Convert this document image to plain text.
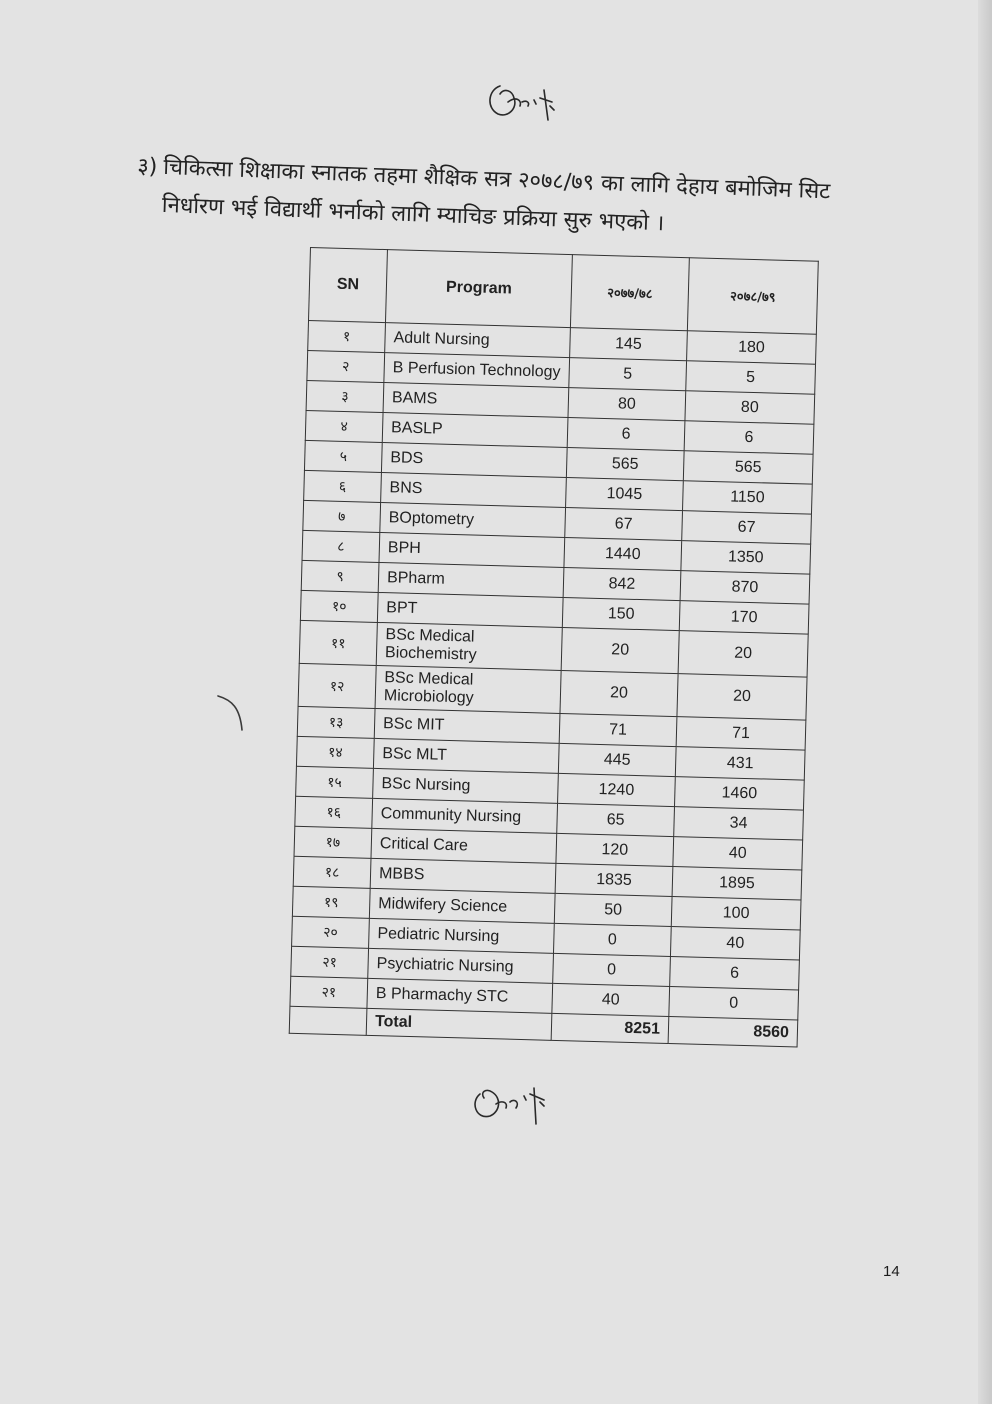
३) चिकित्सा शिक्षाका स्नातक तहमा शैक्षिक सत्र २०७८/७९ का लागि देहाय बमोजिम सिट
निर्धारण भई विद्यार्थी भर्नाको लागि म्याचिङ प्रक्रिया सुरु भएको ।
SN	Program	२०७७/७८	२०७८/७९
१	Adult Nursing	145	180
२	B Perfusion Technology	5	5
३	BAMS	80	80
४	BASLP	6	6
५	BDS	565	565
६	BNS	1045	1150
७	BOptometry	67	67
८	BPH	1440	1350
९	BPharm	842	870
१०	BPT	150	170
११	BSc Medical Biochemistry	20	20
१२	BSc Medical Microbiology	20	20
१३	BSc MIT	71	71
१४	BSc MLT	445	431
१५	BSc Nursing	1240	1460
१६	Community Nursing	65	34
१७	Critical Care	120	40
१८	MBBS	1835	1895
१९	Midwifery Science	50	100
२०	Pediatric Nursing	0	40
२१	Psychiatric Nursing	0	6
२१	B Pharmachy STC	40	0
	Total	8251	8560
14
